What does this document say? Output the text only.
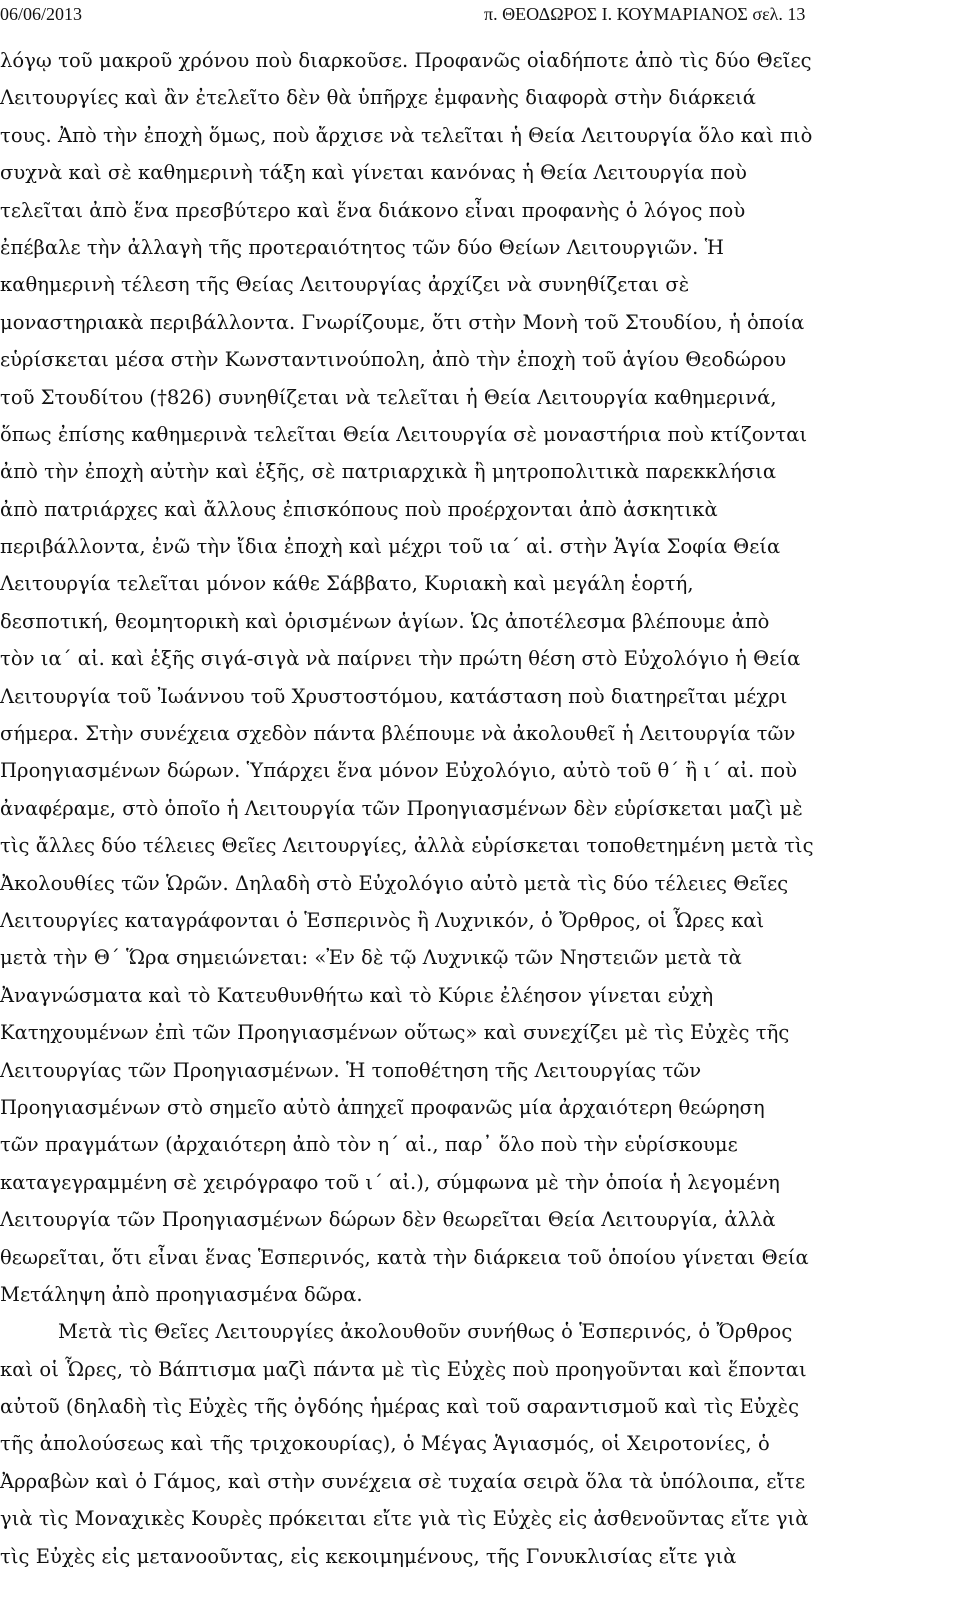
06/06/2013	π. ΘΕΟΔΩΡΟΣ Ι. ΚΟΥΜΑΡΙΑΝΟΣ σελ. 13
λόγῳ τοῦ μακροῦ χρόνου ποὺ διαρκοῦσε. Προφανῶς οἱαδήποτε ἀπὸ τὶς δύο Θεῖες
Λειτουργίες καὶ ἂν ἐτελεῖτο δὲν θὰ ὑπῆρχε ἐμφανὴς διαφορὰ στὴν διάρκειά
τους. Ἀπὸ τὴν ἐποχὴ ὅμως, ποὺ ἄρχισε νὰ τελεῖται ἡ Θεία Λειτουργία ὅλο καὶ πιὸ
συχνὰ καὶ σὲ καθημερινὴ τάξη καὶ γίνεται κανόνας ἡ Θεία Λειτουργία ποὺ
τελεῖται ἀπὸ ἕνα πρεσβύτερο καὶ ἕνα διάκονο εἶναι προφανὴς ὁ λόγος ποὺ
ἐπέβαλε τὴν ἀλλαγὴ τῆς προτεραιότητος τῶν δύο Θείων Λειτουργιῶν. Ἡ
καθημερινὴ τέλεση τῆς Θείας Λειτουργίας ἀρχίζει νὰ συνηθίζεται σὲ
μοναστηριακὰ περιβάλλοντα. Γνωρίζουμε, ὅτι στὴν Μονὴ τοῦ Στουδίου, ἡ ὁποία
εὑρίσκεται μέσα στὴν Κωνσταντινούπολη, ἀπὸ τὴν ἐποχὴ τοῦ ἁγίου Θεοδώρου
τοῦ Στουδίτου (†826) συνηθίζεται νὰ τελεῖται ἡ Θεία Λειτουργία καθημερινά,
ὅπως ἐπίσης καθημερινὰ τελεῖται Θεία Λειτουργία σὲ μοναστήρια ποὺ κτίζονται
ἀπὸ τὴν ἐποχὴ αὐτὴν καὶ ἑξῆς, σὲ πατριαρχικὰ ἢ μητροπολιτικὰ παρεκκλήσια
ἀπὸ πατριάρχες καὶ ἄλλους ἐπισκόπους ποὺ προέρχονται ἀπὸ ἀσκητικὰ
περιβάλλοντα, ἐνῶ τὴν ἴδια ἐποχὴ καὶ μέχρι τοῦ ια΄ αἰ. στὴν Ἁγία Σοφία Θεία
Λειτουργία τελεῖται μόνον κάθε Σάββατο, Κυριακὴ καὶ μεγάλη ἑορτή,
δεσποτική, θεομητορικὴ καὶ ὁρισμένων ἁγίων. Ὡς ἀποτέλεσμα βλέπουμε ἀπὸ
τὸν ια΄ αἰ. καὶ ἑξῆς σιγά-σιγὰ νὰ παίρνει τὴν πρώτη θέση στὸ Εὐχολόγιο ἡ Θεία
Λειτουργία τοῦ Ἰωάννου τοῦ Χρυστοστόμου, κατάσταση ποὺ διατηρεῖται μέχρι
σήμερα. Στὴν συνέχεια σχεδὸν πάντα βλέπουμε νὰ ἀκολουθεῖ ἡ Λειτουργία τῶν
Προηγιασμένων δώρων. Ὑπάρχει ἕνα μόνον Εὐχολόγιο, αὐτὸ τοῦ θ΄ ἢ ι΄ αἰ. ποὺ
ἀναφέραμε, στὸ ὁποῖο ἡ Λειτουργία τῶν Προηγιασμένων δὲν εὑρίσκεται μαζὶ μὲ
τὶς ἄλλες δύο τέλειες Θεῖες Λειτουργίες, ἀλλὰ εὑρίσκεται τοποθετημένη μετὰ τὶς
Ἀκολουθίες τῶν Ὡρῶν. Δηλαδὴ στὸ Εὐχολόγιο αὐτὸ μετὰ τὶς δύο τέλειες Θεῖες
Λειτουργίες καταγράφονται ὁ Ἑσπερινὸς ἢ Λυχνικόν, ὁ Ὄρθρος, οἱ Ὧρες καὶ
μετὰ τὴν Θ΄ Ὥρα σημειώνεται: «Ἐν δὲ τῷ Λυχνικῷ τῶν Νηστειῶν μετὰ τὰ
Ἀναγνώσματα καὶ τὸ Κατευθυνθήτω καὶ τὸ Κύριε ἐλέησον γίνεται εὐχὴ
Κατηχουμένων ἐπὶ τῶν Προηγιασμένων οὕτως» καὶ συνεχίζει μὲ τὶς Εὐχὲς τῆς
Λειτουργίας τῶν Προηγιασμένων. Ἡ τοποθέτηση τῆς Λειτουργίας τῶν
Προηγιασμένων στὸ σημεῖο αὐτὸ ἀπηχεῖ προφανῶς μία ἀρχαιότερη θεώρηση
τῶν πραγμάτων (ἀρχαιότερη ἀπὸ τὸν η΄ αἰ., παρ᾿ ὅλο ποὺ τὴν εὑρίσκουμε
καταγεγραμμένη σὲ χειρόγραφο τοῦ ι΄ αἰ.), σύμφωνα μὲ τὴν ὁποία ἡ λεγομένη
Λειτουργία τῶν Προηγιασμένων δώρων δὲν θεωρεῖται Θεία Λειτουργία, ἀλλὰ
θεωρεῖται, ὅτι εἶναι ἕνας Ἑσπερινός, κατὰ τὴν διάρκεια τοῦ ὁποίου γίνεται Θεία
Μετάληψη ἀπὸ προηγιασμένα δῶρα.
Μετὰ τὶς Θεῖες Λειτουργίες ἀκολουθοῦν συνήθως ὁ Ἑσπερινός, ὁ Ὄρθρος
καὶ οἱ Ὧρες, τὸ Βάπτισμα μαζὶ πάντα μὲ τὶς Εὐχὲς ποὺ προηγοῦνται καὶ ἕπονται
αὐτοῦ (δηλαδὴ τὶς Εὐχὲς τῆς ὀγδόης ἡμέρας καὶ τοῦ σαραντισμοῦ καὶ τὶς Εὐχὲς
τῆς ἀπολούσεως καὶ τῆς τριχοκουρίας), ὁ Μέγας Ἁγιασμός, οἱ Χειροτονίες, ὁ
Ἀρραβὼν καὶ ὁ Γάμος, καὶ στὴν συνέχεια σὲ τυχαία σειρὰ ὅλα τὰ ὑπόλοιπα, εἴτε
γιὰ τὶς Μοναχικὲς Κουρὲς πρόκειται εἴτε γιὰ τὶς Εὐχὲς εἰς ἀσθενοῦντας εἴτε γιὰ
τὶς Εὐχὲς εἰς μετανοοῦντας, εἰς κεκοιμημένους, τῆς Γονυκλισίας εἴτε γιὰ
